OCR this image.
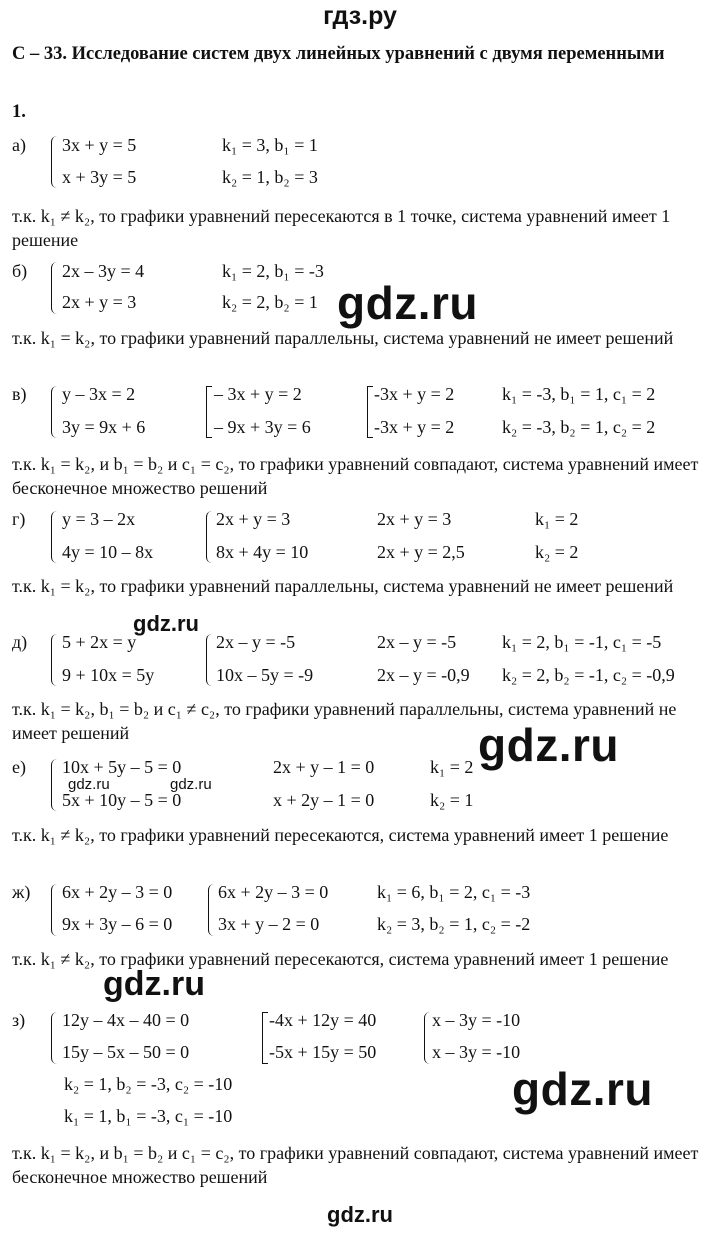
гдз.ру
С – 33. Исследование систем двух линейных уравнений с двумя переменными
1.
а) 3x + y = 5
x + 3y = 5
k₁ = 3, b₁ = 1
k₂ = 1, b₂ = 3
т.к. k₁ ≠ k₂, то графики уравнений пересекаются в 1 точке, система уравнений имеет 1 решение
б) 2x – 3y = 4
2x + y = 3
k₁ = 2, b₁ = -3
k₂ = 2, b₂ = 1
т.к. k₁ = k₂, то графики уравнений параллельны, система уравнений не имеет решений
в) y – 3x = 2
3y = 9x + 6
– 3x + y = 2
– 9x + 3y = 6
-3x + y = 2
-3x + y = 2
k₁ = -3, b₁ = 1, c₁ = 2
k₂ = -3, b₂ = 1, c₂ = 2
т.к. k₁ = k₂, и b₁ = b₂ и c₁ = c₂, то графики уравнений совпадают, система уравнений имеет бесконечное множество решений
г) y = 3 – 2x
4y = 10 – 8x
2x + y = 3
8x + 4y = 10
2x + y = 3
2x + y = 2,5
k₁ = 2
k₂ = 2
т.к. k₁ = k₂, то графики уравнений параллельны, система уравнений не имеет решений
д) 5 + 2x = y
9 + 10x = 5y
2x – y = -5
10x – 5y = -9
2x – y = -5
2x – y = -0,9
k₁ = 2, b₁ = -1, c₁ = -5
k₂ = 2, b₂ = -1, c₂ = -0,9
т.к. k₁ = k₂, b₁ = b₂ и c₁ ≠ c₂, то графики уравнений параллельны, система уравнений не имеет решений
е) 10x + 5y – 5 = 0
5x + 10y – 5 = 0
2x + y – 1 = 0
x + 2y – 1 = 0
k₁ = 2
k₂ = 1
т.к. k₁ ≠ k₂, то графики уравнений пересекаются, система уравнений имеет 1 решение
ж) 6x + 2y – 3 = 0
9x + 3y – 6 = 0
6x + 2y – 3 = 0
3x + y – 2 = 0
k₁ = 6, b₁ = 2, c₁ = -3
k₂ = 3, b₂ = 1, c₂ = -2
т.к. k₁ ≠ k₂, то графики уравнений пересекаются, система уравнений имеет 1 решение
з) 12y – 4x – 40 = 0
15y – 5x – 50 = 0
-4x + 12y = 40
-5x + 15y = 50
x – 3y = -10
x – 3y = -10
k₂ = 1, b₂ = -3, c₂ = -10
k₁ = 1, b₁ = -3, c₁ = -10
т.к. k₁ = k₂, и b₁ = b₂ и c₁ = c₂, то графики уравнений совпадают, система уравнений имеет бесконечное множество решений
gdz.ru
gdz.ru
gdz.ru
gdz.ru	gdz.ru
gdz.ru
gdz.ru
gdz.ru
